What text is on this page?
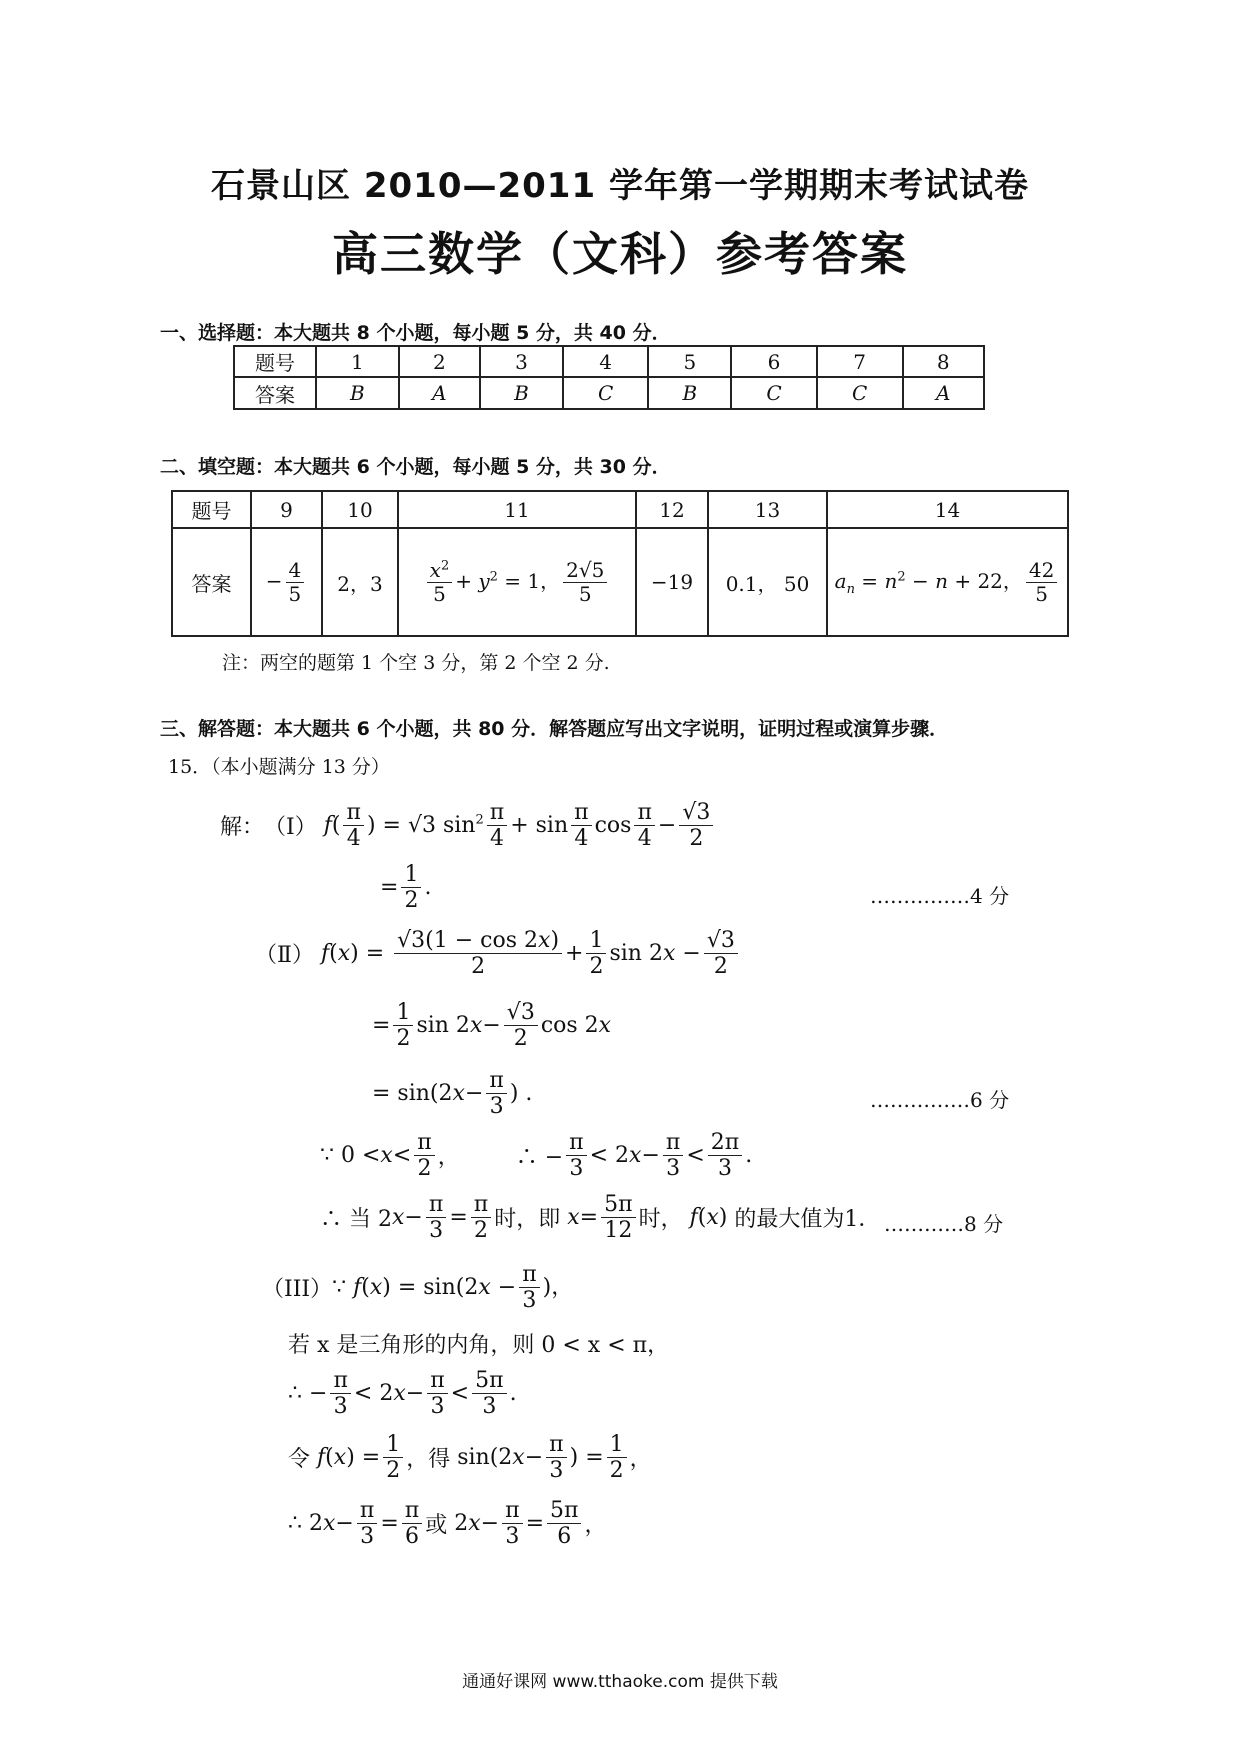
石景山区 2010—2011 学年第一学期期末考试试卷
高三数学（文科）参考答案
一、选择题：本大题共 8 个小题，每小题 5 分，共 40 分．
题号	1	2	3	4	5	6	7	8
答案	B	A	B	C	B	C	C	A
二、填空题：本大题共 6 个小题，每小题 5 分，共 30 分．
题号	9	10	11	12	13	14
答案	− $\frac{4}{5}$	2，3	$\frac{x^2}{5} + y^2 = 1$， $\frac{2√5}{5}$	−19	0.1， 50	$a_n = n^2 - n + 22$， $\frac{42}{5}$
注：两空的题第 1 个空 3 分，第 2 个空 2 分.
三、解答题：本大题共 6 个小题，共 80 分．解答题应写出文字说明，证明过程或演算步骤．
15．（本小题满分 13 分）
解： （Ⅰ） $f( \frac{\pi}{4}$ ) = √3 $\sin^2 \frac{\pi}{4} + \sin \frac{\pi}{4}$ $\cos \frac{\pi}{4} - \frac{√3}{2}$
= $\frac{1}{2}$ .	……………4 分
（Ⅱ） $f(x) = \frac{√3(1 - \cos 2x)}{2} + \frac{1}{2}$ $\sin 2x - \frac{√3}{2}$
= $\frac{1}{2}$ sin 2 $x - \frac{√3}{2}$ cos 2 x
= sin(2 $x - \frac{\pi}{3}$ ) .	……………6 分
∵ $0 < x < \frac{\pi}{2}$ ，        ∴ − $\frac{\pi}{3} < 2$ $x - \frac{\pi}{3} < \frac{2\pi}{3}$ .
∴ 当 2 $x - \frac{\pi}{3} = \frac{\pi}{2}$ 时，即
$x = \frac{5\pi}{12}$ 时，
f ( x ) 的最大值为1． …………8 分
（III） ∵ $f(x) = \sin(2x - \frac{\pi}{3}$ )，
若 x 是三角形的内角，则 0 < x < π，
∴ − $\frac{\pi}{3} < 2$ $x - \frac{\pi}{3} < \frac{5\pi}{3}$ .
令
f ( x ) = $\frac{1}{2}$ ，得 sin(2 $x - \frac{\pi}{3}$ ) = $\frac{1}{2}$ ，
∴ 2 $x - \frac{\pi}{3} = \frac{\pi}{6}$ 或 2 $x - \frac{\pi}{3} = \frac{5\pi}{6}$ ，
通通好课网 www.tthaoke.com 提供下载
